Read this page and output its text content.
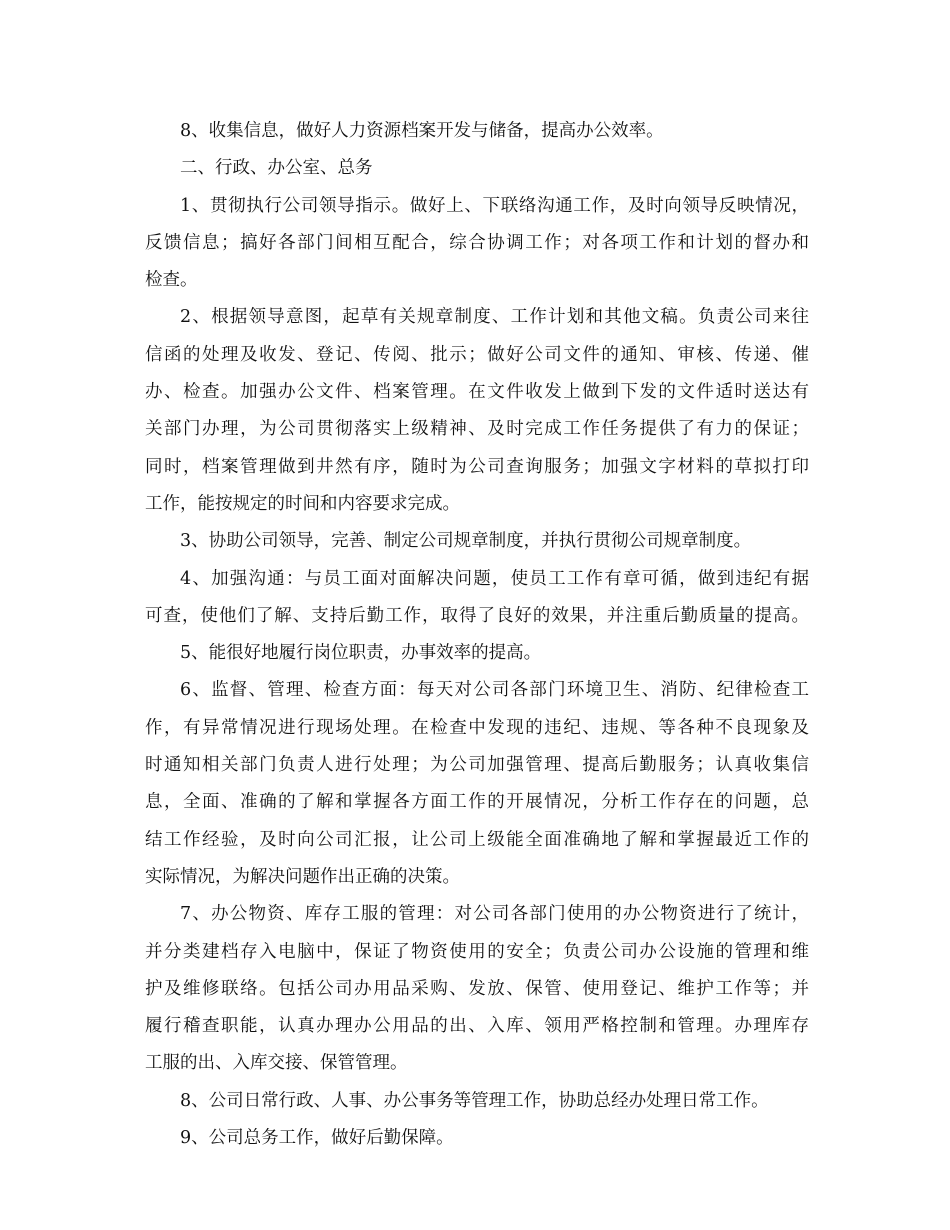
8、收集信息，做好人力资源档案开发与储备，提高办公效率。
二、行政、办公室、总务
1、贯彻执行公司领导指示。做好上、下联络沟通工作，及时向领导反映情况，
反馈信息；搞好各部门间相互配合，综合协调工作；对各项工作和计划的督办和
检查。
2、根据领导意图，起草有关规章制度、工作计划和其他文稿。负责公司来往
信函的处理及收发、登记、传阅、批示；做好公司文件的通知、审核、传递、催
办、检查。加强办公文件、档案管理。在文件收发上做到下发的文件适时送达有
关部门办理，为公司贯彻落实上级精神、及时完成工作任务提供了有力的保证；
同时，档案管理做到井然有序，随时为公司查询服务；加强文字材料的草拟打印
工作，能按规定的时间和内容要求完成。
3、协助公司领导，完善、制定公司规章制度，并执行贯彻公司规章制度。
4、加强沟通：与员工面对面解决问题，使员工工作有章可循，做到违纪有据
可查，使他们了解、支持后勤工作，取得了良好的效果，并注重后勤质量的提高。
5、能很好地履行岗位职责，办事效率的提高。
6、监督、管理、检查方面：每天对公司各部门环境卫生、消防、纪律检查工
作，有异常情况进行现场处理。在检查中发现的违纪、违规、等各种不良现象及
时通知相关部门负责人进行处理；为公司加强管理、提高后勤服务；认真收集信
息，全面、准确的了解和掌握各方面工作的开展情况，分析工作存在的问题，总
结工作经验，及时向公司汇报，让公司上级能全面准确地了解和掌握最近工作的
实际情况，为解决问题作出正确的决策。
7、办公物资、库存工服的管理：对公司各部门使用的办公物资进行了统计，
并分类建档存入电脑中，保证了物资使用的安全；负责公司办公设施的管理和维
护及维修联络。包括公司办用品采购、发放、保管、使用登记、维护工作等；并
履行稽查职能，认真办理办公用品的出、入库、领用严格控制和管理。办理库存
工服的出、入库交接、保管管理。
8、公司日常行政、人事、办公事务等管理工作，协助总经办处理日常工作。
9、公司总务工作，做好后勤保障。
